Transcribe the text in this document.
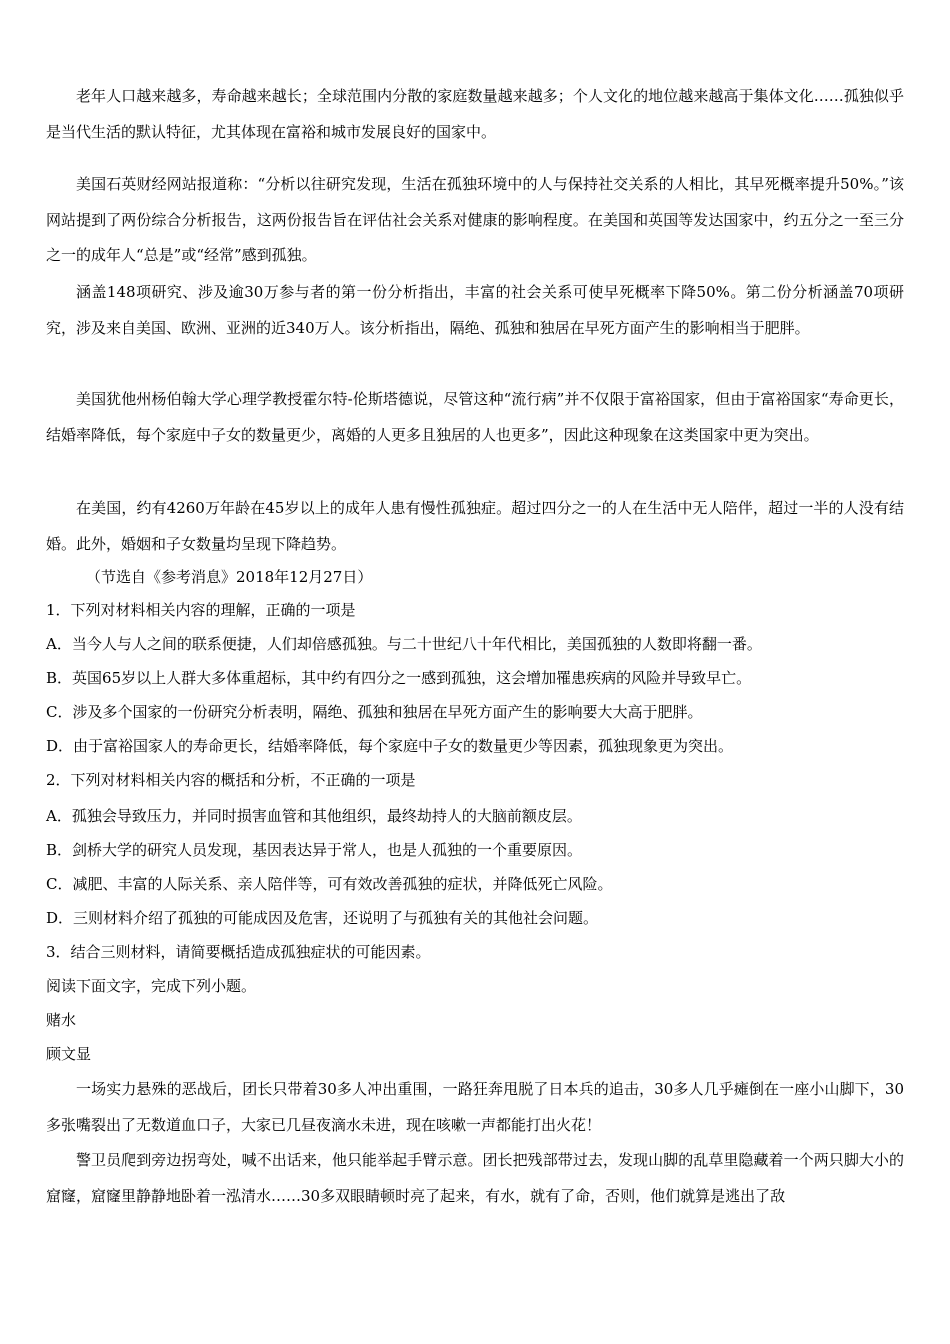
老年人口越来越多，寿命越来越长；全球范围内分散的家庭数量越来越多；个人文化的地位越来越高于集体文化……孤独似乎是当代生活的默认特征，尤其体现在富裕和城市发展良好的国家中。

美国石英财经网站报道称：“分析以往研究发现，生活在孤独环境中的人与保持社交关系的人相比，其早死概率提升50%。”该网站提到了两份综合分析报告，这两份报告旨在评估社会关系对健康的影响程度。在美国和英国等发达国家中，约五分之一至三分之一的成年人“总是”或“经常”感到孤独。

涵盖148项研究、涉及逾30万参与者的第一份分析指出，丰富的社会关系可使早死概率下降50%。第二份分析涵盖70项研究，涉及来自美国、欧洲、亚洲的近340万人。该分析指出，隔绝、孤独和独居在早死方面产生的影响相当于肥胖。

美国犹他州杨伯翰大学心理学教授霍尔特-伦斯塔德说，尽管这种“流行病”并不仅限于富裕国家，但由于富裕国家“寿命更长，结婚率降低，每个家庭中子女的数量更少，离婚的人更多且独居的人也更多”，因此这种现象在这类国家中更为突出。

在美国，约有4260万年龄在45岁以上的成年人患有慢性孤独症。超过四分之一的人在生活中无人陪伴，超过一半的人没有结婚。此外，婚姻和子女数量均呈现下降趋势。

（节选自《参考消息》2018年12月27日）

1．下列对材料相关内容的理解，正确的一项是

A．当今人与人之间的联系便捷，人们却倍感孤独。与二十世纪八十年代相比，美国孤独的人数即将翻一番。

B．英国65岁以上人群大多体重超标，其中约有四分之一感到孤独，这会增加罹患疾病的风险并导致早亡。

C．涉及多个国家的一份研究分析表明，隔绝、孤独和独居在早死方面产生的影响要大大高于肥胖。

D．由于富裕国家人的寿命更长，结婚率降低，每个家庭中子女的数量更少等因素，孤独现象更为突出。

2．下列对材料相关内容的概括和分析，不正确的一项是

A．孤独会导致压力，并同时损害血管和其他组织，最终劫持人的大脑前额皮层。

B．剑桥大学的研究人员发现，基因表达异于常人，也是人孤独的一个重要原因。

C．减肥、丰富的人际关系、亲人陪伴等，可有效改善孤独的症状，并降低死亡风险。

D．三则材料介绍了孤独的可能成因及危害，还说明了与孤独有关的其他社会问题。

3．结合三则材料，请简要概括造成孤独症状的可能因素。

阅读下面文字，完成下列小题。

赌水

顾文显

一场实力悬殊的恶战后，团长只带着30多人冲出重围，一路狂奔甩脱了日本兵的追击，30多人几乎瘫倒在一座小山脚下，30多张嘴裂出了无数道血口子，大家已几昼夜滴水未进，现在咳嗽一声都能打出火花！

警卫员爬到旁边拐弯处，喊不出话来，他只能举起手臂示意。团长把残部带过去，发现山脚的乱草里隐藏着一个两只脚大小的窟窿，窟窿里静静地卧着一泓清水……30多双眼睛顿时亮了起来，有水，就有了命，否则，他们就算是逃出了敌
